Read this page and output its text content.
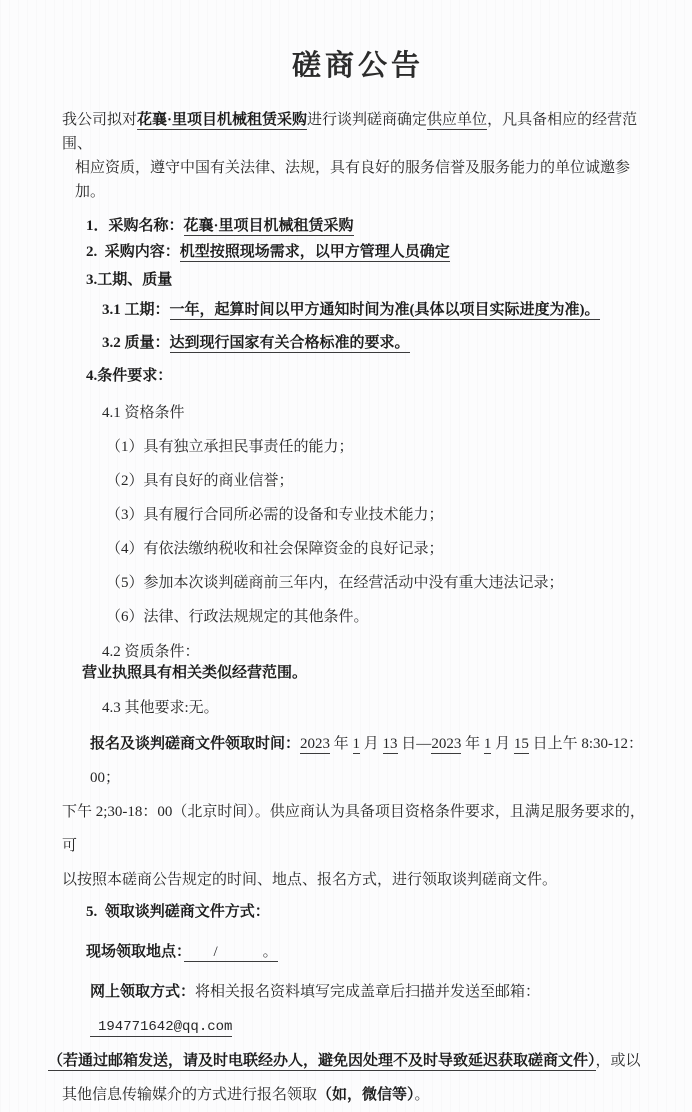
磋商公告

我公司拟对花襄·里项目机械租赁采购进行谈判磋商确定供应单位，凡具备相应的经营范围、
相应资质，遵守中国有关法律、法规，具有良好的服务信誉及服务能力的单位诚邀参加。

1．采购名称：花襄·里项目机械租赁采购
2.  采购内容：机型按照现场需求，以甲方管理人员确定
3.工期、质量
3.1 工期：一年，起算时间以甲方通知时间为准(具体以项目实际进度为准)。
3.2 质量：达到现行国家有关合格标准的要求。
4.条件要求：
4.1 资格条件
（1）具有独立承担民事责任的能力；
（2）具有良好的商业信誉；
（3）具有履行合同所必需的设备和专业技术能力；
（4）有依法缴纳税收和社会保障资金的良好记录；
（5）参加本次谈判磋商前三年内，在经营活动中没有重大违法记录；
（6）法律、行政法规规定的其他条件。
4.2 资质条件：
营业执照具有相关类似经营范围。
4.3 其他要求:无。
报名及谈判磋商文件领取时间：2023 年 1 月 13 日—2023 年 1 月 15 日上午 8:30-12：00；
下午 2;30-18：00（北京时间）。供应商认为具备项目资格条件要求，且满足服务要求的，可
以按照本磋商公告规定的时间、地点、报名方式，进行领取谈判磋商文件。
5.  领取谈判磋商文件方式：
现场领取地点：　　/　　　。
网上领取方式：将相关报名资料填写完成盖章后扫描并发送至邮箱：194771642@qq.com
（若通过邮箱发送，请及时电联经办人，避免因处理不及时导致延迟获取磋商文件），或以
其他信息传输媒介的方式进行报名领取（如，微信等）。
